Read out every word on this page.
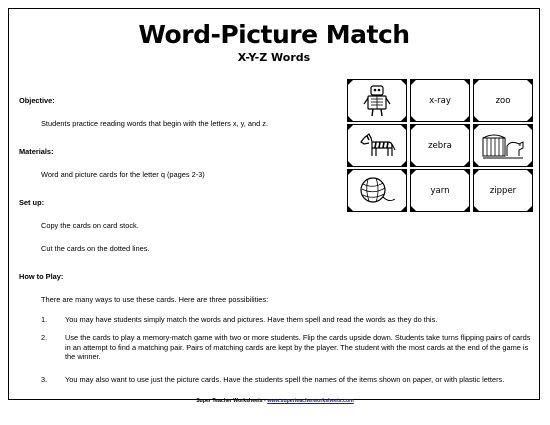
Word-Picture Match
X-Y-Z Words
Objective:
Students practice reading words that begin with the letters x, y, and z.
Materials:
Word and picture cards for the letter q (pages 2-3)
Set up:
Copy the cards on card stock.
Cut the cards on the dotted lines.
How to Play:
There are many ways to use these cards. Here are three possibilities:
1. You may have students simply match the words and pictures. Have them spell and read the words as they do this.
2. Use the cards to play a memory-match game with two or more students. Flip the cards upside down. Students take turns flipping pairs of cards in an attempt to find a matching pair. Pairs of matching cards are kept by the player. The student with the most cards at the end of the game is the winner.
3. You may also want to use just the picture cards. Have the students spell the names of the items shown on paper, or with plastic letters.
x-ray	zoo
zebra
yarn	zipper
Super Teacher Worksheets - www.superteacherworksheets.com
